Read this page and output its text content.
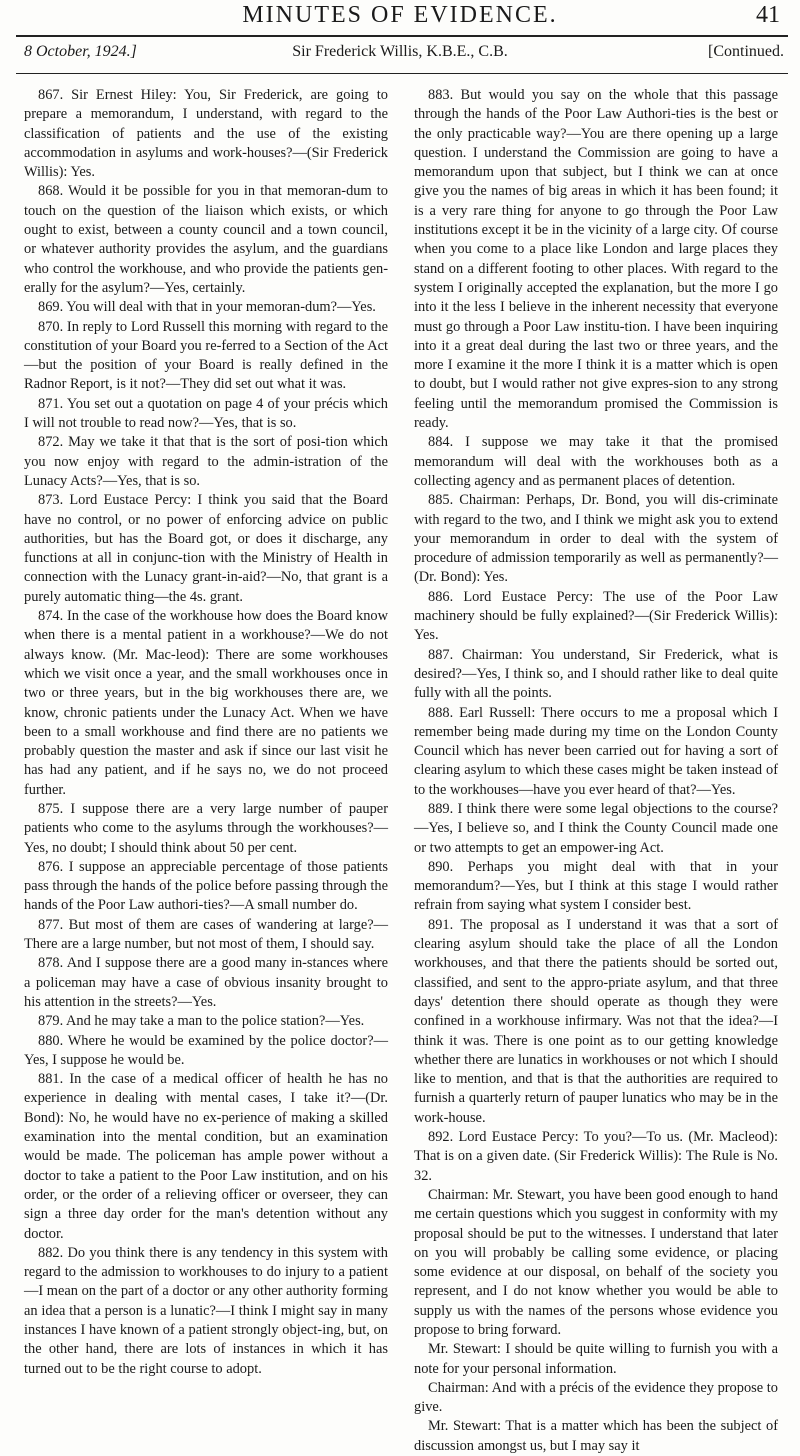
MINUTES OF EVIDENCE.	41
8 October, 1924.]	Sir Frederick Willis, K.B.E., C.B.	[Continued.

867. Sir Ernest Hiley: You, Sir Frederick, are going to prepare a memorandum, I understand, with regard to the classification of patients and the use of the existing accommodation in asylums and work-houses?—(Sir Frederick Willis): Yes.

868. Would it be possible for you in that memoran-dum to touch on the question of the liaison which exists, or which ought to exist, between a county council and a town council, or whatever authority provides the asylum, and the guardians who control the workhouse, and who provide the patients gen-erally for the asylum?—Yes, certainly.

869. You will deal with that in your memoran-dum?—Yes.

870. In reply to Lord Russell this morning with regard to the constitution of your Board you re-ferred to a Section of the Act—but the position of your Board is really defined in the Radnor Report, is it not?—They did set out what it was.

871. You set out a quotation on page 4 of your précis which I will not trouble to read now?—Yes, that is so.

872. May we take it that that is the sort of posi-tion which you now enjoy with regard to the admin-istration of the Lunacy Acts?—Yes, that is so.

873. Lord Eustace Percy: I think you said that the Board have no control, or no power of enforcing advice on public authorities, but has the Board got, or does it discharge, any functions at all in conjunc-tion with the Ministry of Health in connection with the Lunacy grant-in-aid?—No, that grant is a purely automatic thing—the 4s. grant.

874. In the case of the workhouse how does the Board know when there is a mental patient in a workhouse?—We do not always know. (Mr. Mac-leod): There are some workhouses which we visit once a year, and the small workhouses once in two or three years, but in the big workhouses there are, we know, chronic patients under the Lunacy Act. When we have been to a small workhouse and find there are no patients we probably question the master and ask if since our last visit he has had any patient, and if he says no, we do not proceed further.

875. I suppose there are a very large number of pauper patients who come to the asylums through the workhouses?—Yes, no doubt; I should think about 50 per cent.

876. I suppose an appreciable percentage of those patients pass through the hands of the police before passing through the hands of the Poor Law authori-ties?—A small number do.

877. But most of them are cases of wandering at large?—There are a large number, but not most of them, I should say.

878. And I suppose there are a good many in-stances where a policeman may have a case of obvious insanity brought to his attention in the streets?—Yes.

879. And he may take a man to the police station?—Yes.

880. Where he would be examined by the police doctor?—Yes, I suppose he would be.

881. In the case of a medical officer of health he has no experience in dealing with mental cases, I take it?—(Dr. Bond): No, he would have no ex-perience of making a skilled examination into the mental condition, but an examination would be made. The policeman has ample power without a doctor to take a patient to the Poor Law institution, and on his order, or the order of a relieving officer or overseer, they can sign a three day order for the man's detention without any doctor.

882. Do you think there is any tendency in this system with regard to the admission to workhouses to do injury to a patient—I mean on the part of a doctor or any other authority forming an idea that a person is a lunatic?—I think I might say in many instances I have known of a patient strongly object-ing, but, on the other hand, there are lots of instances in which it has turned out to be the right course to adopt.

883. But would you say on the whole that this passage through the hands of the Poor Law Authori-ties is the best or the only practicable way?—You are there opening up a large question. I understand the Commission are going to have a memorandum upon that subject, but I think we can at once give you the names of big areas in which it has been found; it is a very rare thing for anyone to go through the Poor Law institutions except it be in the vicinity of a large city. Of course when you come to a place like London and large places they stand on a different footing to other places. With regard to the system I originally accepted the explanation, but the more I go into it the less I believe in the inherent necessity that everyone must go through a Poor Law institu-tion. I have been inquiring into it a great deal during the last two or three years, and the more I examine it the more I think it is a matter which is open to doubt, but I would rather not give expres-sion to any strong feeling until the memorandum promised the Commission is ready.

884. I suppose we may take it that the promised memorandum will deal with the workhouses both as a collecting agency and as permanent places of detention.

885. Chairman: Perhaps, Dr. Bond, you will dis-criminate with regard to the two, and I think we might ask you to extend your memorandum in order to deal with the system of procedure of admission temporarily as well as permanently?—(Dr. Bond): Yes.

886. Lord Eustace Percy: The use of the Poor Law machinery should be fully explained?—(Sir Frederick Willis): Yes.

887. Chairman: You understand, Sir Frederick, what is desired?—Yes, I think so, and I should rather like to deal quite fully with all the points.

888. Earl Russell: There occurs to me a proposal which I remember being made during my time on the London County Council which has never been carried out for having a sort of clearing asylum to which these cases might be taken instead of to the workhouses—have you ever heard of that?—Yes.

889. I think there were some legal objections to the course?—Yes, I believe so, and I think the County Council made one or two attempts to get an empower-ing Act.

890. Perhaps you might deal with that in your memorandum?—Yes, but I think at this stage I would rather refrain from saying what system I consider best.

891. The proposal as I understand it was that a sort of clearing asylum should take the place of all the London workhouses, and that there the patients should be sorted out, classified, and sent to the appro-priate asylum, and that three days' detention there should operate as though they were confined in a workhouse infirmary. Was not that the idea?—I think it was. There is one point as to our getting knowledge whether there are lunatics in workhouses or not which I should like to mention, and that is that the authorities are required to furnish a quarterly return of pauper lunatics who may be in the work-house.

892. Lord Eustace Percy: To you?—To us. (Mr. Macleod): That is on a given date. (Sir Frederick Willis): The Rule is No. 32.

Chairman: Mr. Stewart, you have been good enough to hand me certain questions which you suggest in conformity with my proposal should be put to the witnesses. I understand that later on you will probably be calling some evidence, or placing some evidence at our disposal, on behalf of the society you represent, and I do not know whether you would be able to supply us with the names of the persons whose evidence you propose to bring forward.

Mr. Stewart: I should be quite willing to furnish you with a note for your personal information.

Chairman: And with a précis of the evidence they propose to give.

Mr. Stewart: That is a matter which has been the subject of discussion amongst us, but I may say it
